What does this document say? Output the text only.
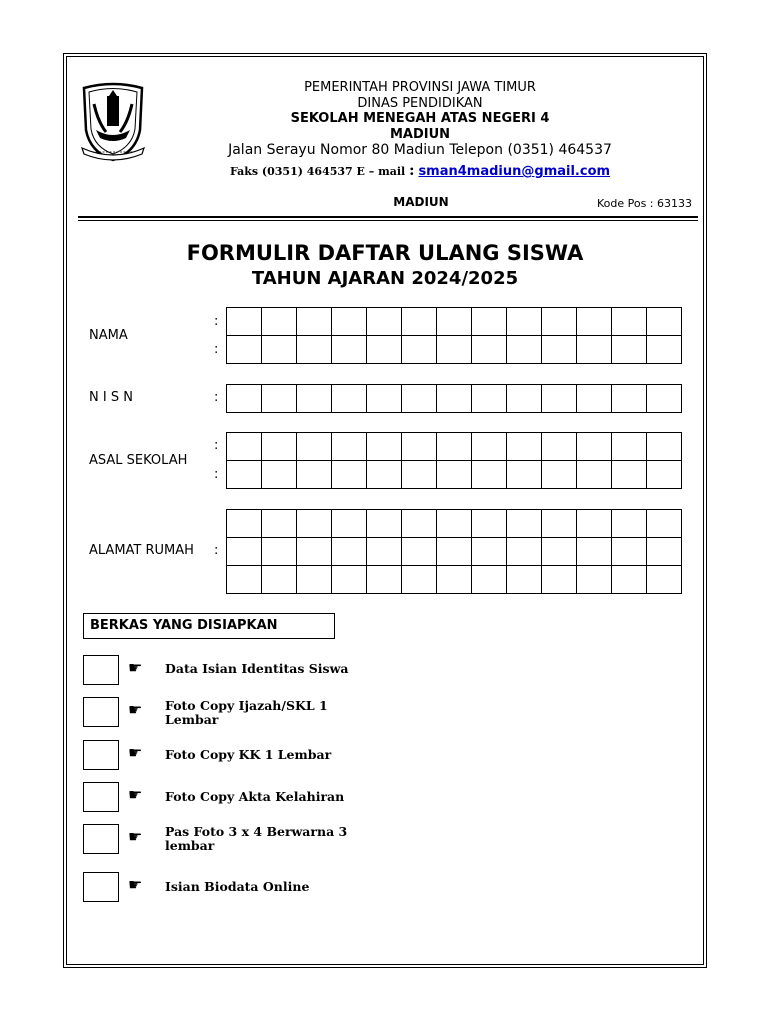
PEMERINTAH PROVINSI JAWA TIMUR
DINAS PENDIDIKAN
SEKOLAH MENEGAH ATAS NEGERI 4
MADIUN
Jalan Serayu Nomor 80 Madiun Telepon (0351) 464537
Faks (0351) 464537 E – mail : sman4madiun@gmail.com
MADIUN	Kode Pos : 63133
FORMULIR DAFTAR ULANG SISWA
TAHUN AJARAN 2024/2025
NAMA
:
:

N I S N	:

ASAL SEKOLAH
:
:

ALAMAT RUMAH :

BERKAS YANG DISIAPKAN
☛ Data Isian Identitas Siswa
☛ Foto Copy Ijazah/SKL 1 Lembar
☛ Foto Copy KK 1 Lembar
☛ Foto Copy Akta Kelahiran
☛ Pas Foto 3 x 4 Berwarna 3 lembar
☛ Isian Biodata Online
